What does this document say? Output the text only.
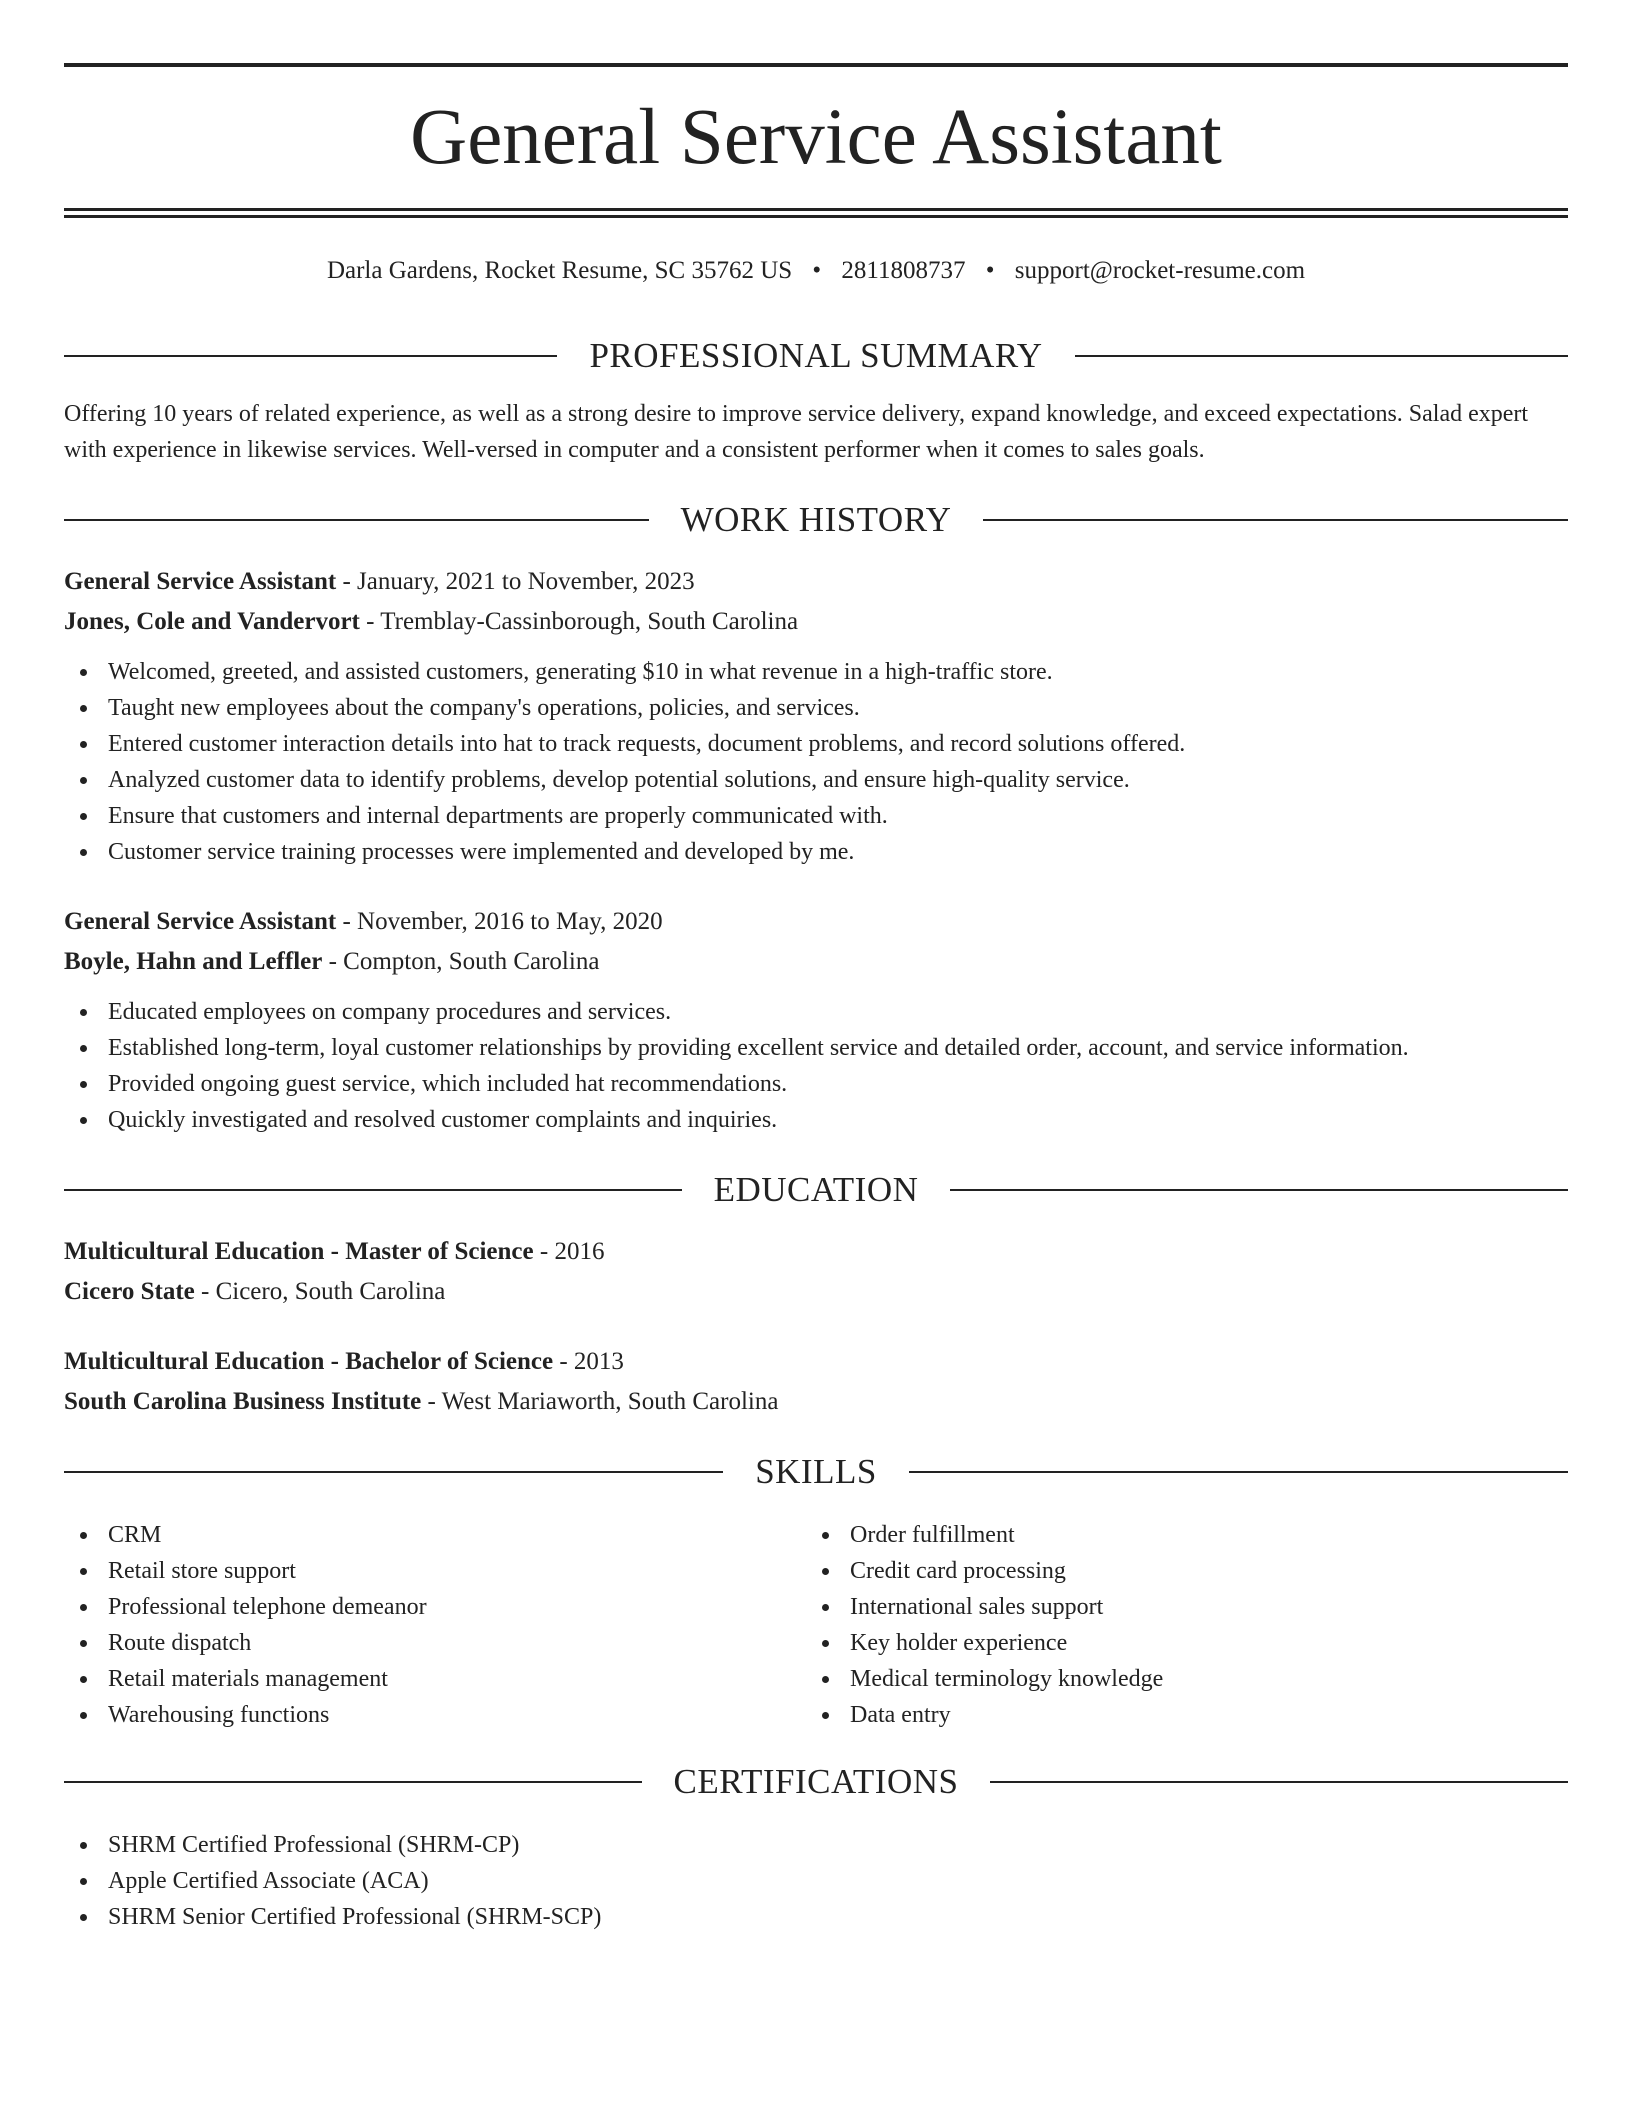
General Service Assistant
Darla Gardens, Rocket Resume, SC 35762 US • 2811808737 • support@rocket-resume.com
PROFESSIONAL SUMMARY

Offering 10 years of related experience, as well as a strong desire to improve service delivery, expand knowledge, and exceed expectations. Salad expert with experience in likewise services. Well-versed in computer and a consistent performer when it comes to sales goals.

WORK HISTORY

General Service Assistant - January, 2021 to November, 2023

Jones, Cole and Vandervort - Tremblay-Cassinborough, South Carolina

Welcomed, greeted, and assisted customers, generating $10 in what revenue in a high-traffic store.
Taught new employees about the company's operations, policies, and services.
Entered customer interaction details into hat to track requests, document problems, and record solutions offered.
Analyzed customer data to identify problems, develop potential solutions, and ensure high-quality service.
Ensure that customers and internal departments are properly communicated with.
Customer service training processes were implemented and developed by me.

General Service Assistant - November, 2016 to May, 2020

Boyle, Hahn and Leffler - Compton, South Carolina

Educated employees on company procedures and services.
Established long-term, loyal customer relationships by providing excellent service and detailed order, account, and service information.
Provided ongoing guest service, which included hat recommendations.
Quickly investigated and resolved customer complaints and inquiries.
EDUCATION

Multicultural Education - Master of Science - 2016

Cicero State - Cicero, South Carolina

Multicultural Education - Bachelor of Science - 2013

South Carolina Business Institute - West Mariaworth, South Carolina

SKILLS
CRM
Retail store support
Professional telephone demeanor
Route dispatch
Retail materials management
Warehousing functions
Order fulfillment
Credit card processing
International sales support
Key holder experience
Medical terminology knowledge
Data entry
CERTIFICATIONS
SHRM Certified Professional (SHRM-CP)
Apple Certified Associate (ACA)
SHRM Senior Certified Professional (SHRM-SCP)
